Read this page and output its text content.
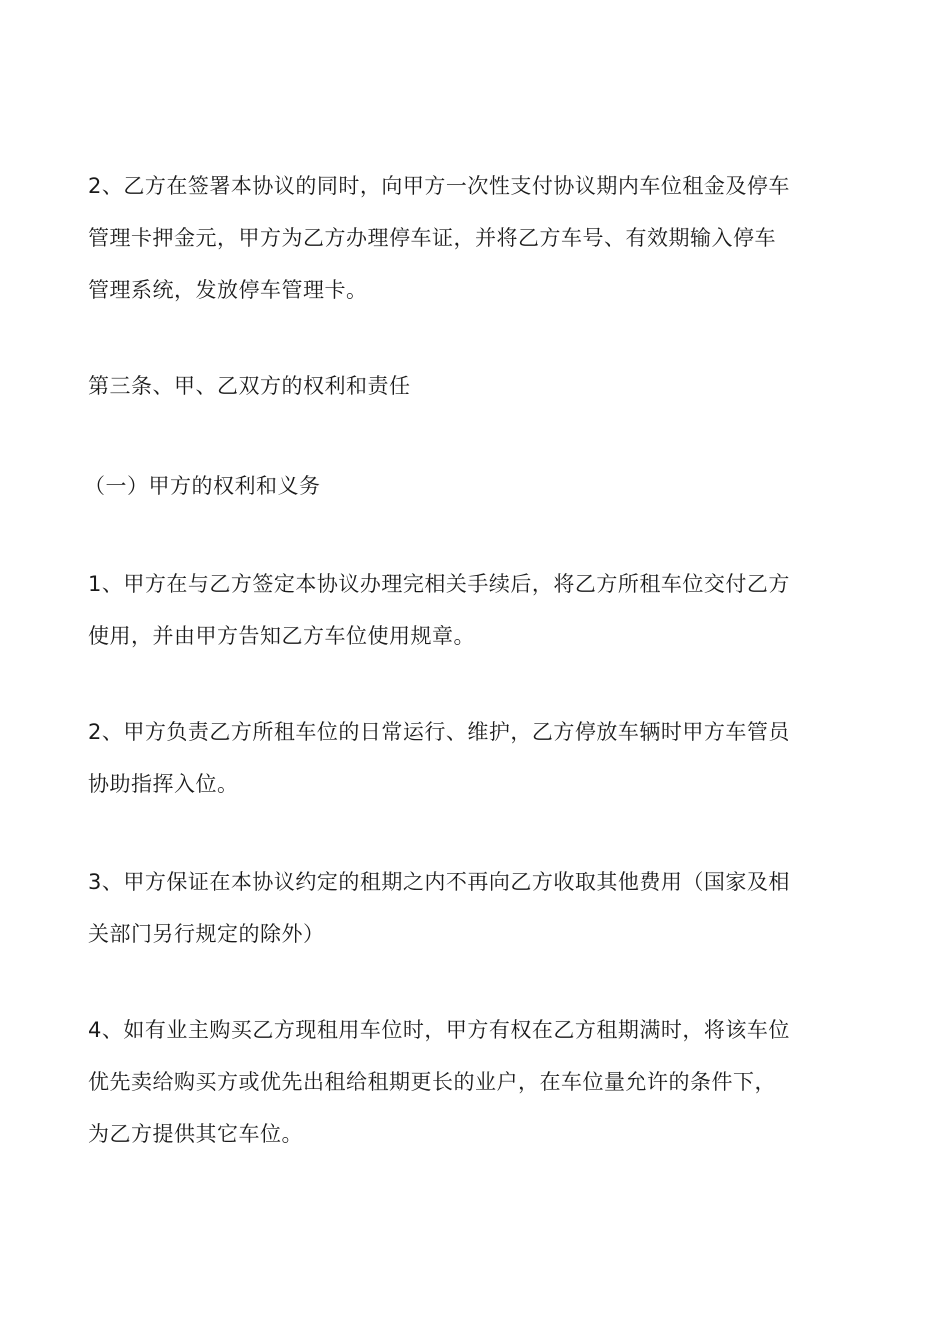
2、乙方在签署本协议的同时，向甲方一次性支付协议期内车位租金及停车
管理卡押金元，甲方为乙方办理停车证，并将乙方车号、有效期输入停车
管理系统，发放停车管理卡。

第三条、甲、乙双方的权利和责任

（一）甲方的权利和义务

1、甲方在与乙方签定本协议办理完相关手续后，将乙方所租车位交付乙方
使用，并由甲方告知乙方车位使用规章。

2、甲方负责乙方所租车位的日常运行、维护，乙方停放车辆时甲方车管员
协助指挥入位。

3、甲方保证在本协议约定的租期之内不再向乙方收取其他费用（国家及相
关部门另行规定的除外）

4、如有业主购买乙方现租用车位时，甲方有权在乙方租期满时，将该车位
优先卖给购买方或优先出租给租期更长的业户，在车位量允许的条件下，
为乙方提供其它车位。
